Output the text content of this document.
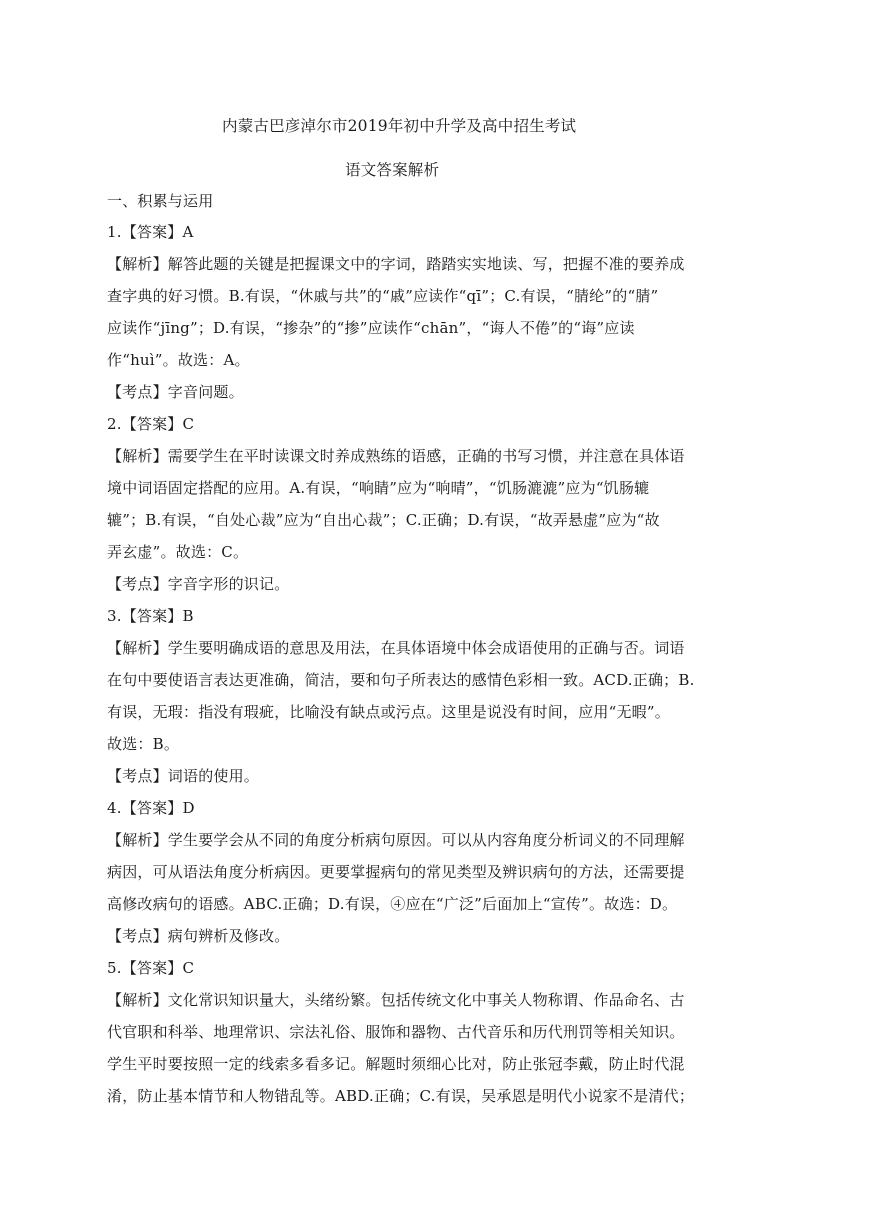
内蒙古巴彦淖尔市2019年初中升学及高中招生考试
语文答案解析
一、积累与运用
1.【答案】A
【解析】解答此题的关键是把握课文中的字词，踏踏实实地读、写，把握不准的要养成
查字典的好习惯。B.有误，“休戚与共”的“戚”应读作“qī”；C.有误，“腈纶”的“腈”
应读作“jīng”；D.有误，“掺杂”的“掺”应读作“chān”，“诲人不倦”的“诲”应读
作“huì”。故选：A。
【考点】字音问题。
2.【答案】C
【解析】需要学生在平时读课文时养成熟练的语感，正确的书写习惯，并注意在具体语
境中词语固定搭配的应用。A.有误，“响睛”应为“响晴”，“饥肠漉漉”应为“饥肠辘
辘”；B.有误，“自处心裁”应为“自出心裁”；C.正确；D.有误，“故弄悬虚”应为“故
弄玄虚”。故选：C。
【考点】字音字形的识记。
3.【答案】B
【解析】学生要明确成语的意思及用法，在具体语境中体会成语使用的正确与否。词语
在句中要使语言表达更准确，简洁，要和句子所表达的感情色彩相一致。ACD.正确；B.
有误，无瑕：指没有瑕疵，比喻没有缺点或污点。这里是说没有时间，应用“无暇”。
故选：B。
【考点】词语的使用。
4.【答案】D
【解析】学生要学会从不同的角度分析病句原因。可以从内容角度分析词义的不同理解
病因，可从语法角度分析病因。更要掌握病句的常见类型及辨识病句的方法，还需要提
高修改病句的语感。ABC.正确；D.有误，④应在“广泛”后面加上“宣传”。故选：D。
【考点】病句辨析及修改。
5.【答案】C
【解析】文化常识知识量大，头绪纷繁。包括传统文化中事关人物称谓、作品命名、古
代官职和科举、地理常识、宗法礼俗、服饰和器物、古代音乐和历代刑罚等相关知识。
学生平时要按照一定的线索多看多记。解题时须细心比对，防止张冠李戴，防止时代混
淆，防止基本情节和人物错乱等。ABD.正确；C.有误，吴承恩是明代小说家不是清代；
